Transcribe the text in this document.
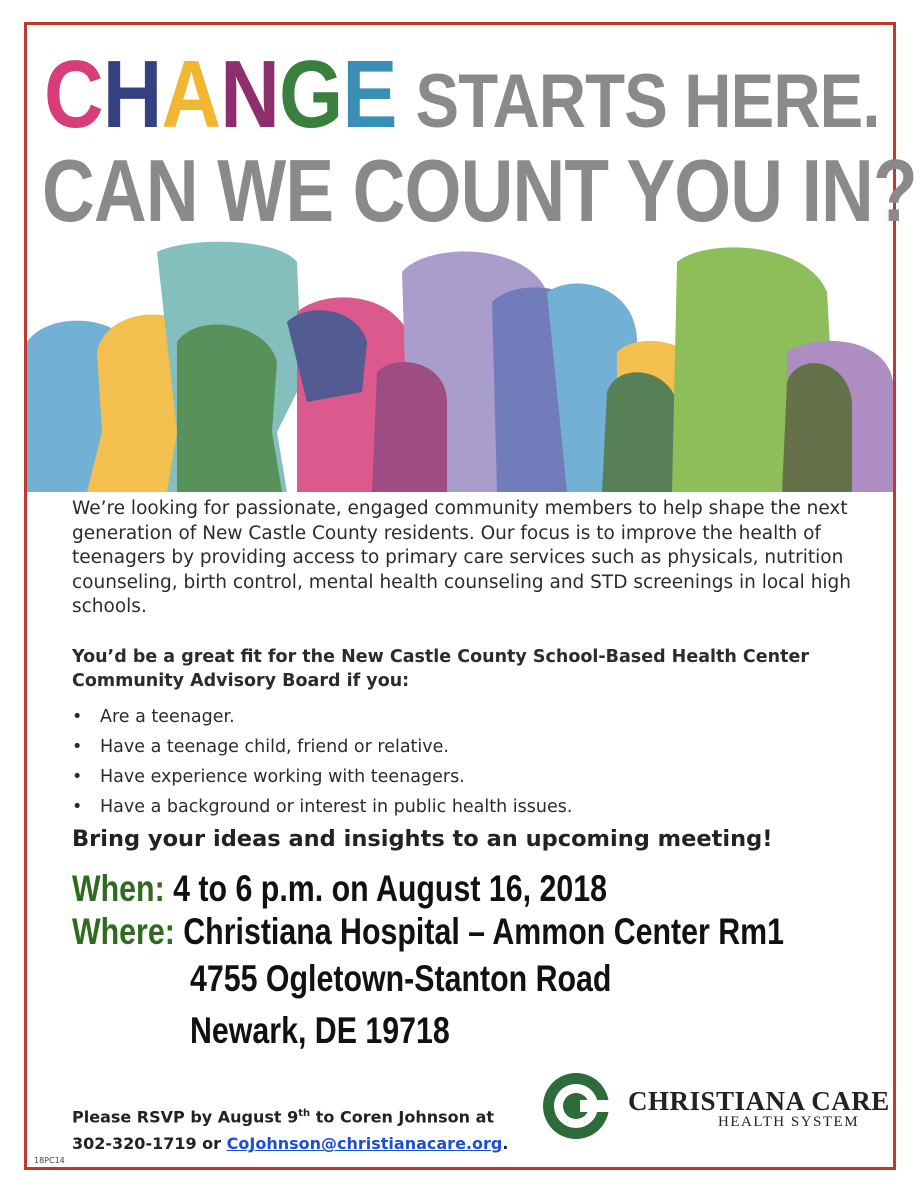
CHANGE STARTS HERE.
CAN WE COUNT YOU IN?
We’re looking for passionate, engaged community members to help shape the next generation of New Castle County residents. Our focus is to improve the health of teenagers by providing access to primary care services such as physicals, nutrition counseling, birth control, mental health counseling and STD screenings in local high schools.
You’d be a great fit for the New Castle County School-Based Health Center Community Advisory Board if you:
•	Are a teenager.
•	Have a teenage child, friend or relative.
•	Have experience working with teenagers.
•	Have a background or interest in public health issues.
Bring your ideas and insights to an upcoming meeting!
When: 4 to 6 p.m. on August 16, 2018
Where: Christiana Hospital – Ammon Center Rm1
4755 Ogletown-Stanton Road
Newark, DE 19718
Please RSVP by August 9th to Coren Johnson at
302-320-1719 or CoJohnson@christianacare.org.
18PC14
CHRISTIANA CARE
HEALTH SYSTEM
